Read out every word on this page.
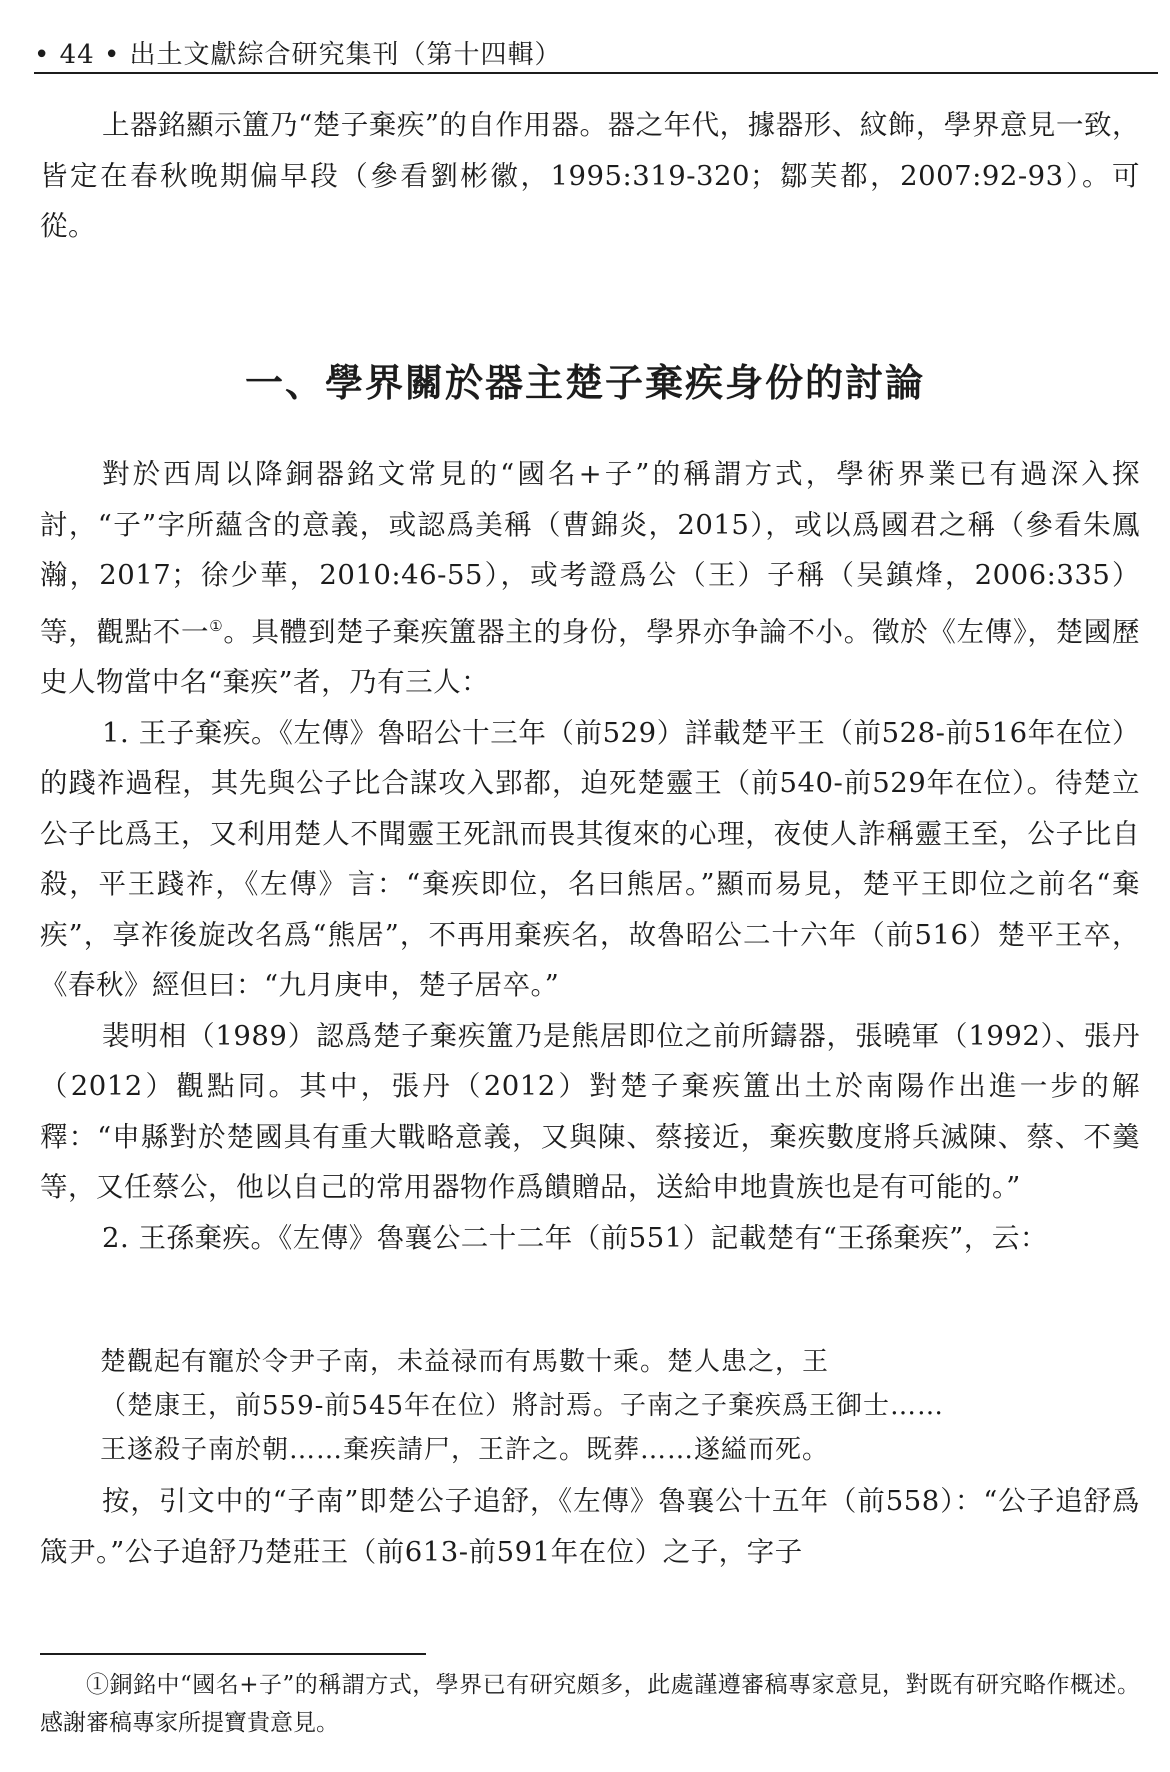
• 44 • 出土文獻綜合研究集刊（第十四輯）

上器銘顯示簠乃“楚子棄疾”的自作用器。器之年代，據器形、紋飾，學界意見一致，皆定在春秋晚期偏早段（參看劉彬徽，1995:319-320；鄒芙都，2007:92-93）。可從。

一、學界關於器主楚子棄疾身份的討論

對於西周以降銅器銘文常見的“國名+子”的稱謂方式，學術界業已有過深入探討，“子”字所蘊含的意義，或認爲美稱（曹錦炎，2015），或以爲國君之稱（參看朱鳳瀚，2017；徐少華，2010:46-55），或考證爲公（王）子稱（吴鎮烽，2006:335）等，觀點不一①。具體到楚子棄疾簠器主的身份，學界亦争論不小。徵於《左傳》，楚國歷史人物當中名“棄疾”者，乃有三人：

1. 王子棄疾。《左傳》魯昭公十三年（前529）詳載楚平王（前528-前516年在位）的踐祚過程，其先與公子比合謀攻入郢都，迫死楚靈王（前540-前529年在位）。待楚立公子比爲王，又利用楚人不聞靈王死訊而畏其復來的心理，夜使人詐稱靈王至，公子比自殺，平王踐祚，《左傳》言：“棄疾即位，名曰熊居。”顯而易見，楚平王即位之前名“棄疾”，享祚後旋改名爲“熊居”，不再用棄疾名，故魯昭公二十六年（前516）楚平王卒，《春秋》經但曰：“九月庚申，楚子居卒。”

裴明相（1989）認爲楚子棄疾簠乃是熊居即位之前所鑄器，張曉軍（1992）、張丹（2012）觀點同。其中，張丹（2012）對楚子棄疾簠出土於南陽作出進一步的解釋：“申縣對於楚國具有重大戰略意義，又與陳、蔡接近，棄疾數度將兵滅陳、蔡、不羹等，又任蔡公，他以自己的常用器物作爲饋贈品，送給申地貴族也是有可能的。”

2. 王孫棄疾。《左傳》魯襄公二十二年（前551）記載楚有“王孫棄疾”，云：

楚觀起有寵於令尹子南，未益禄而有馬數十乘。楚人患之，王

（楚康王，前559-前545年在位）將討焉。子南之子棄疾爲王御士……

王遂殺子南於朝……棄疾請尸，王許之。既葬……遂縊而死。

按，引文中的“子南”即楚公子追舒，《左傳》魯襄公十五年（前558）：“公子追舒爲箴尹。”公子追舒乃楚莊王（前613-前591年在位）之子，字子

①銅銘中“國名+子”的稱謂方式，學界已有研究頗多，此處謹遵審稿專家意見，對既有研究略作概述。感謝審稿專家所提寶貴意見。
